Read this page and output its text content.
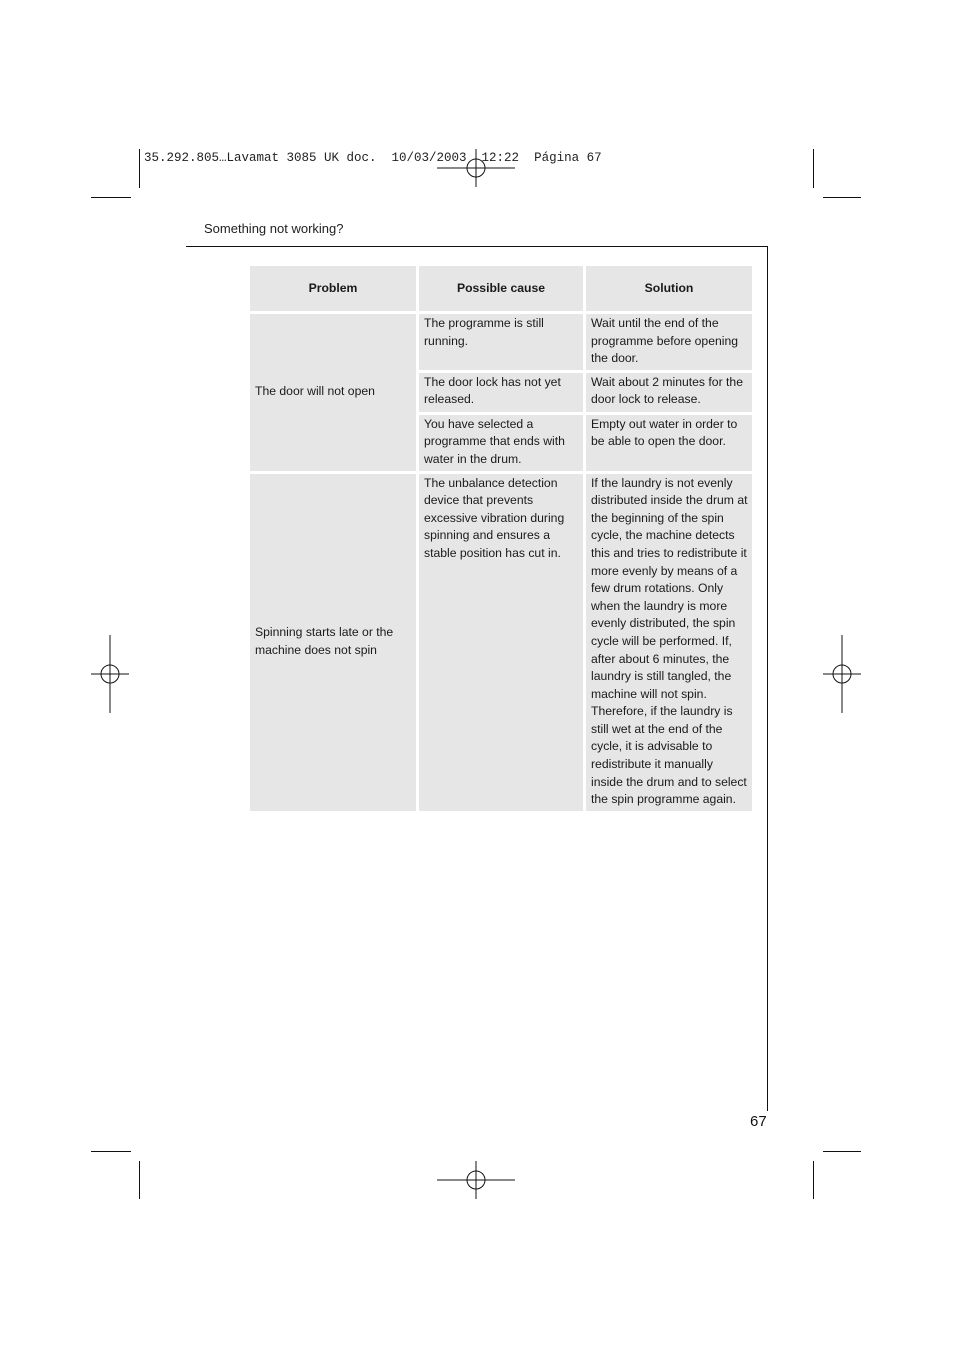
35.292.805…Lavamat 3085 UK doc.  10/03/2003  12:22  Página 67
Something not working?
Problem	Possible cause	Solution
The door will not open	The programme is still running.	Wait until the end of the programme before opening the door.
	The door lock has not yet released.	Wait about 2 minutes for the door lock to release.
	You have selected a programme that ends with water in the drum.	Empty out water in order to be able to open the door.
Spinning starts late or the machine does not spin	The unbalance detection device that prevents excessive vibration during spinning and ensures a stable position has cut in.	If the laundry is not evenly distributed inside the drum at the beginning of the spin cycle, the machine detects this and tries to redistribute it more evenly by means of a few drum rotations. Only when the laundry is more evenly distributed, the spin cycle will be performed. If, after about 6 minutes, the laundry is still tangled, the machine will not spin. Therefore, if the laundry is still wet at the end of the cycle, it is advisable to redistribute it manually inside the drum and to select the spin programme again.
67
